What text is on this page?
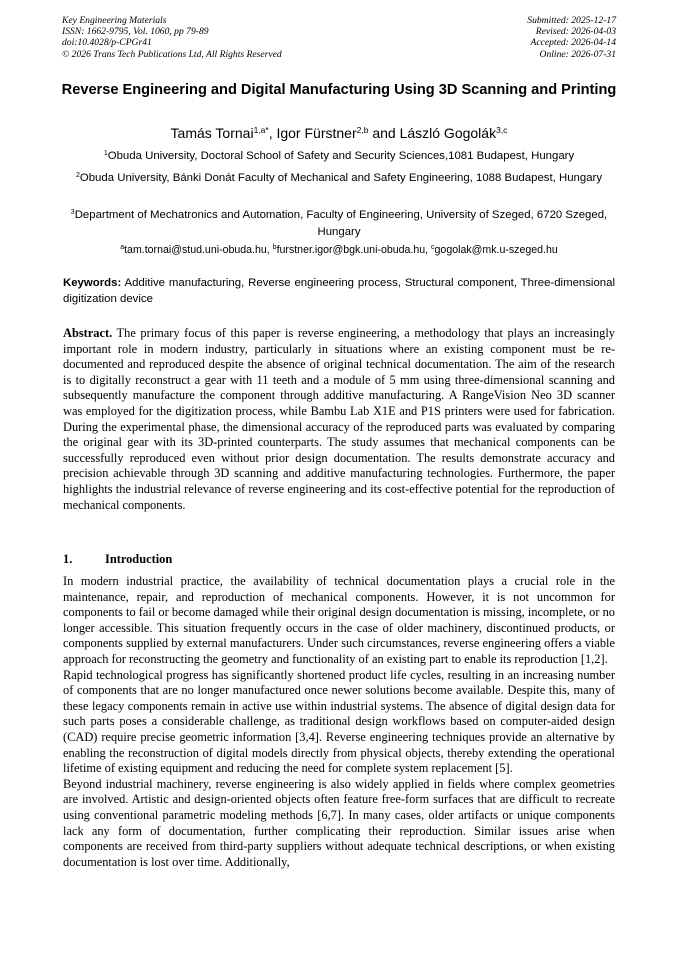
Key Engineering Materials
ISSN: 1662-9795, Vol. 1060, pp 79-89
doi:10.4028/p-CPGr41
© 2026 Trans Tech Publications Ltd, All Rights Reserved
Submitted: 2025-12-17
Revised: 2026-04-03
Accepted: 2026-04-14
Online: 2026-07-31
Reverse Engineering and Digital Manufacturing Using 3D Scanning and Printing
Tamás Tornai$^{1,a*}$, Igor Fürstner$^{2,b}$ and László Gogolák$^{3,c}$
$^1$Obuda University, Doctoral School of Safety and Security Sciences,1081 Budapest, Hungary
$^2$Obuda University, Bánki Donát Faculty of Mechanical and Safety Engineering, 1088 Budapest, Hungary
$^3$Department of Mechatronics and Automation, Faculty of Engineering, University of Szeged, 6720 Szeged, Hungary
$^a$tam.tornai@stud.uni-obuda.hu, $^b$furstner.igor@bgk.uni-obuda.hu, $^c$gogolak@mk.u-szeged.hu
Keywords: Additive manufacturing, Reverse engineering process, Structural component, Three-dimensional digitization device
Abstract. The primary focus of this paper is reverse engineering, a methodology that plays an increasingly important role in modern industry, particularly in situations where an existing component must be re-documented and reproduced despite the absence of original technical documentation. The aim of the research is to digitally reconstruct a gear with 11 teeth and a module of 5 mm using three-dimensional scanning and subsequently manufacture the component through additive manufacturing. A RangeVision Neo 3D scanner was employed for the digitization process, while Bambu Lab X1E and P1S printers were used for fabrication. During the experimental phase, the dimensional accuracy of the reproduced parts was evaluated by comparing the original gear with its 3D-printed counterparts. The study assumes that mechanical components can be successfully reproduced even without prior design documentation. The results demonstrate accuracy and precision achievable through 3D scanning and additive manufacturing technologies. Furthermore, the paper highlights the industrial relevance of reverse engineering and its cost-effective potential for the reproduction of mechanical components.
1.	Introduction

In modern industrial practice, the availability of technical documentation plays a crucial role in the maintenance, repair, and reproduction of mechanical components. However, it is not uncommon for components to fail or become damaged while their original design documentation is missing, incomplete, or no longer accessible. This situation frequently occurs in the case of older machinery, discontinued products, or components supplied by external manufacturers. Under such circumstances, reverse engineering offers a viable approach for reconstructing the geometry and functionality of an existing part to enable its reproduction [1,2].

Rapid technological progress has significantly shortened product life cycles, resulting in an increasing number of components that are no longer manufactured once newer solutions become available. Despite this, many of these legacy components remain in active use within industrial systems. The absence of digital design data for such parts poses a considerable challenge, as traditional design workflows based on computer-aided design (CAD) require precise geometric information [3,4]. Reverse engineering techniques provide an alternative by enabling the reconstruction of digital models directly from physical objects, thereby extending the operational lifetime of existing equipment and reducing the need for complete system replacement [5].

Beyond industrial machinery, reverse engineering is also widely applied in fields where complex geometries are involved. Artistic and design-oriented objects often feature free-form surfaces that are difficult to recreate using conventional parametric modeling methods [6,7]. In many cases, older artifacts or unique components lack any form of documentation, further complicating their reproduction. Similar issues arise when components are received from third-party suppliers without adequate technical descriptions, or when existing documentation is lost over time. Additionally,
